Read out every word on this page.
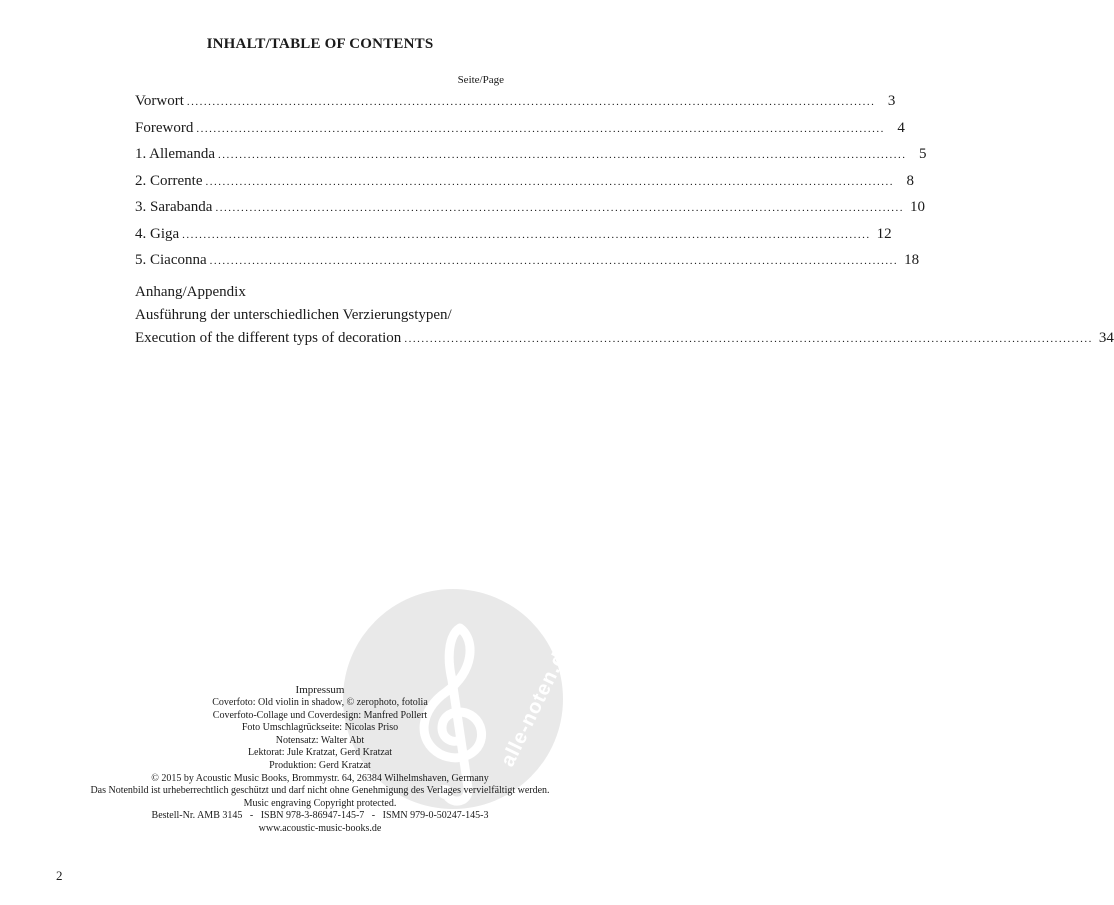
INHALT/TABLE OF CONTENTS
Seite/Page
Vorwort .....	3
Foreword .....	4
1. Allemanda .....	5
2. Corrente .....	8
3. Sarabanda .....	10
4. Giga .....	12
5. Ciaconna .....	18
Anhang/Appendix
Ausführung der unterschiedlichen Verzierungstypen/
Execution of the different typs of decoration .....	34
alle-noten.de
Impressum
Coverfoto: Old violin in shadow, © zerophoto, fotolia
Coverfoto-Collage und Coverdesign: Manfred Pollert
Foto Umschlagrückseite: Nicolas Priso
Notensatz: Walter Abt
Lektorat: Jule Kratzat, Gerd Kratzat
Produktion: Gerd Kratzat
© 2015 by Acoustic Music Books, Brommystr. 64, 26384 Wilhelmshaven, Germany
Das Notenbild ist urheberrechtlich geschützt und darf nicht ohne Genehmigung des Verlages vervielfältigt werden.
Music engraving Copyright protected.
Bestell-Nr. AMB 3145   -   ISBN 978-3-86947-145-7   -   ISMN 979-0-50247-145-3
www.acoustic-music-books.de
2
